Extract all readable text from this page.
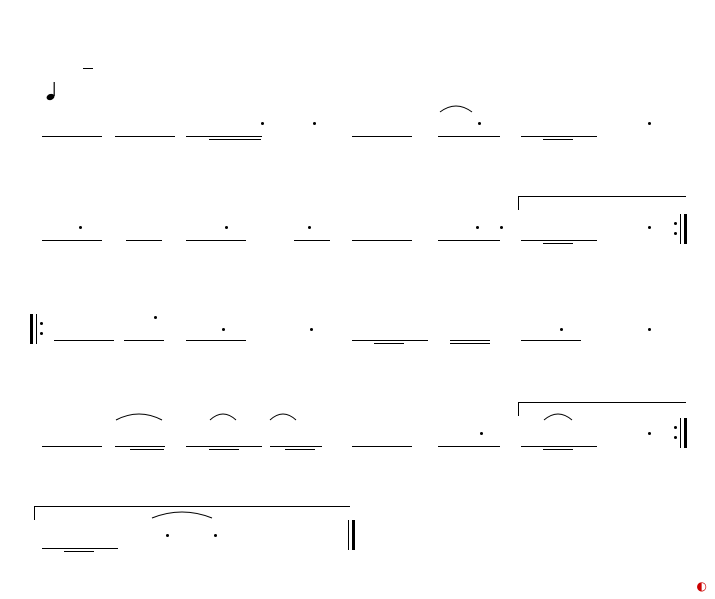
◐
